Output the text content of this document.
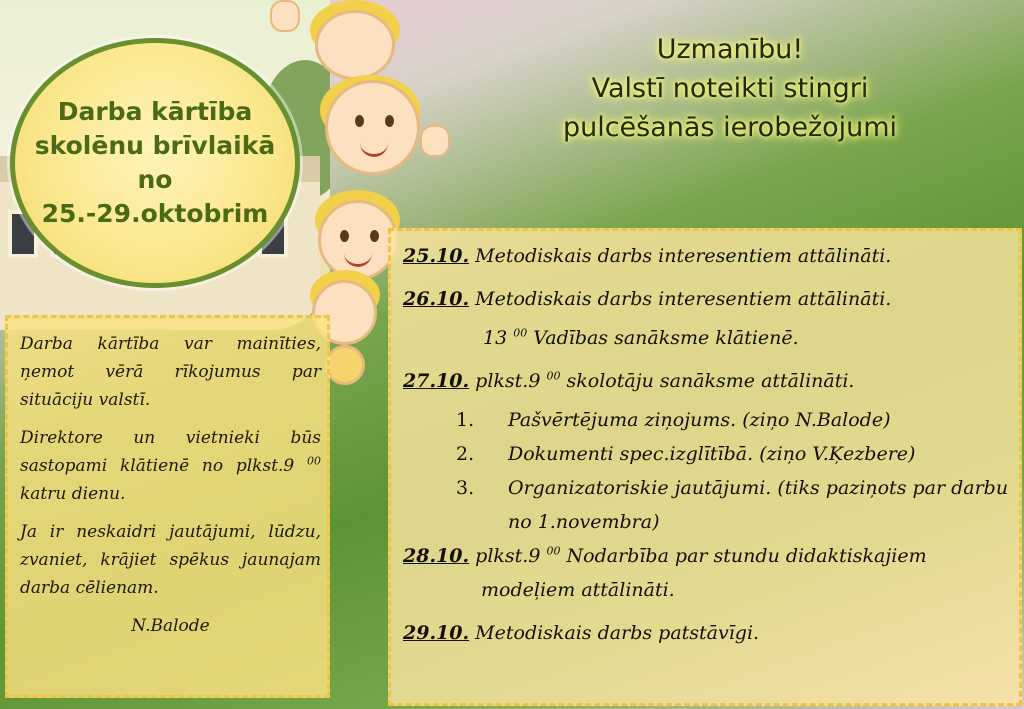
Darba kārtība
skolēnu brīvlaikā
no
25.-29.oktobrim
Uzmanību!
Valstī noteikti stingri
pulcēšanās ierobežojumi

Darba kārtība var mainīties, ņemot vērā rīkojumus par situāciju valstī.

Direktore un vietnieki būs sastopami klātienē no plkst.9 $^{00}$ katru dienu.

Ja ir neskaidri jautājumi, lūdzu, zvaniet, krājiet spēkus jaunajam darba cēlienam.

N.Balode

25.10. Metodiskais darbs interesentiem attālināti.
26.10. Metodiskais darbs interesentiem attālināti.
13 $^{00}$ Vadības sanāksme klātienē.
27.10. plkst.9 $^{00}$ skolotāju sanāksme attālināti.
1. Pašvērtējuma ziņojums. (ziņo N.Balode)
2. Dokumenti spec.izglītībā. (ziņo V.Ķezbere)
3. Organizatoriskie jautājumi. (tiks paziņots par darbu no 1.novembra)
28.10. plkst.9 $^{00}$ Nodarbība par stundu didaktiskajiem
modeļiem attālināti.
29.10. Metodiskais darbs patstāvīgi.
